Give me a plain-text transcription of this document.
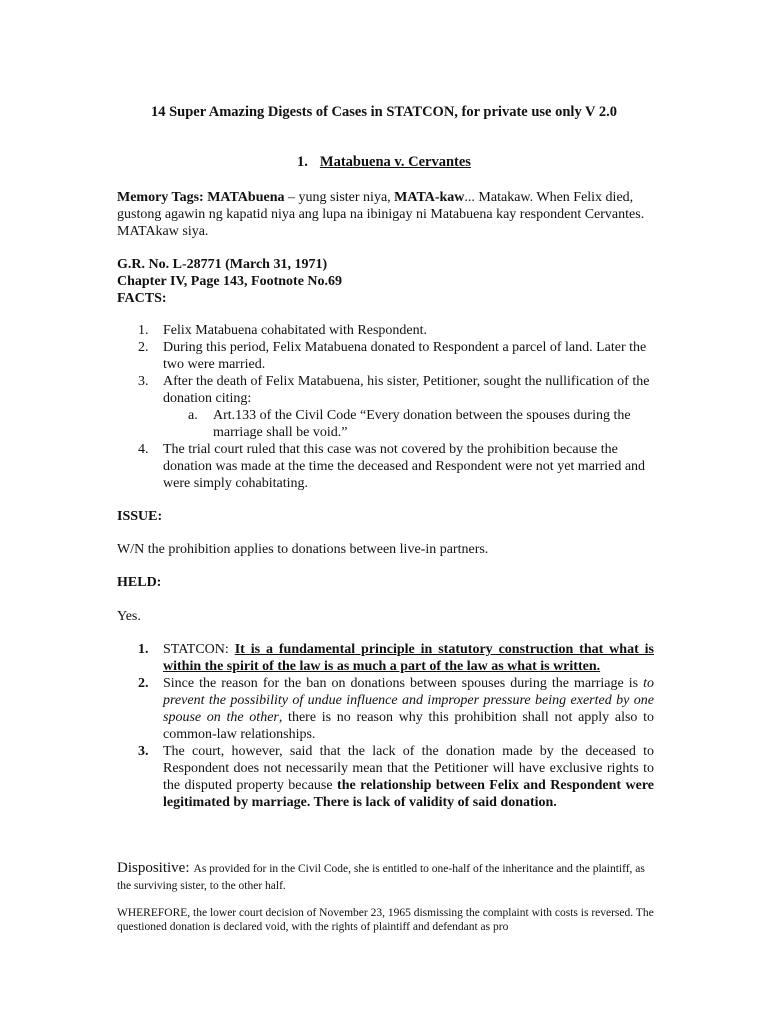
14 Super Amazing Digests of Cases in STATCON, for private use only V 2.0
1. Matabuena v. Cervantes
Memory Tags: MATAbuena – yung sister niya, MATA-kaw... Matakaw. When Felix died, gustong agawin ng kapatid niya ang lupa na ibinigay ni Matabuena kay respondent Cervantes. MATAkaw siya.
G.R. No. L-28771 (March 31, 1971)
Chapter IV, Page 143, Footnote No.69
FACTS:
1. Felix Matabuena cohabitated with Respondent.
2. During this period, Felix Matabuena donated to Respondent a parcel of land. Later the two were married.
3. After the death of Felix Matabuena, his sister, Petitioner, sought the nullification of the donation citing:
a. Art.133 of the Civil Code “Every donation between the spouses during the marriage shall be void.”
4. The trial court ruled that this case was not covered by the prohibition because the donation was made at the time the deceased and Respondent were not yet married and were simply cohabitating.
ISSUE:
W/N the prohibition applies to donations between live-in partners.
HELD:
Yes.
1. STATCON: It is a fundamental principle in statutory construction that what is within the spirit of the law is as much a part of the law as what is written.
2. Since the reason for the ban on donations between spouses during the marriage is to prevent the possibility of undue influence and improper pressure being exerted by one spouse on the other, there is no reason why this prohibition shall not apply also to common-law relationships.
3. The court, however, said that the lack of the donation made by the deceased to Respondent does not necessarily mean that the Petitioner will have exclusive rights to the disputed property because the relationship between Felix and Respondent were legitimated by marriage. There is lack of validity of said donation.
Dispositive: As provided for in the Civil Code, she is entitled to one-half of the inheritance and the plaintiff, as the surviving sister, to the other half.
WHEREFORE, the lower court decision of November 23, 1965 dismissing the complaint with costs is reversed. The questioned donation is declared void, with the rights of plaintiff and defendant as pro
